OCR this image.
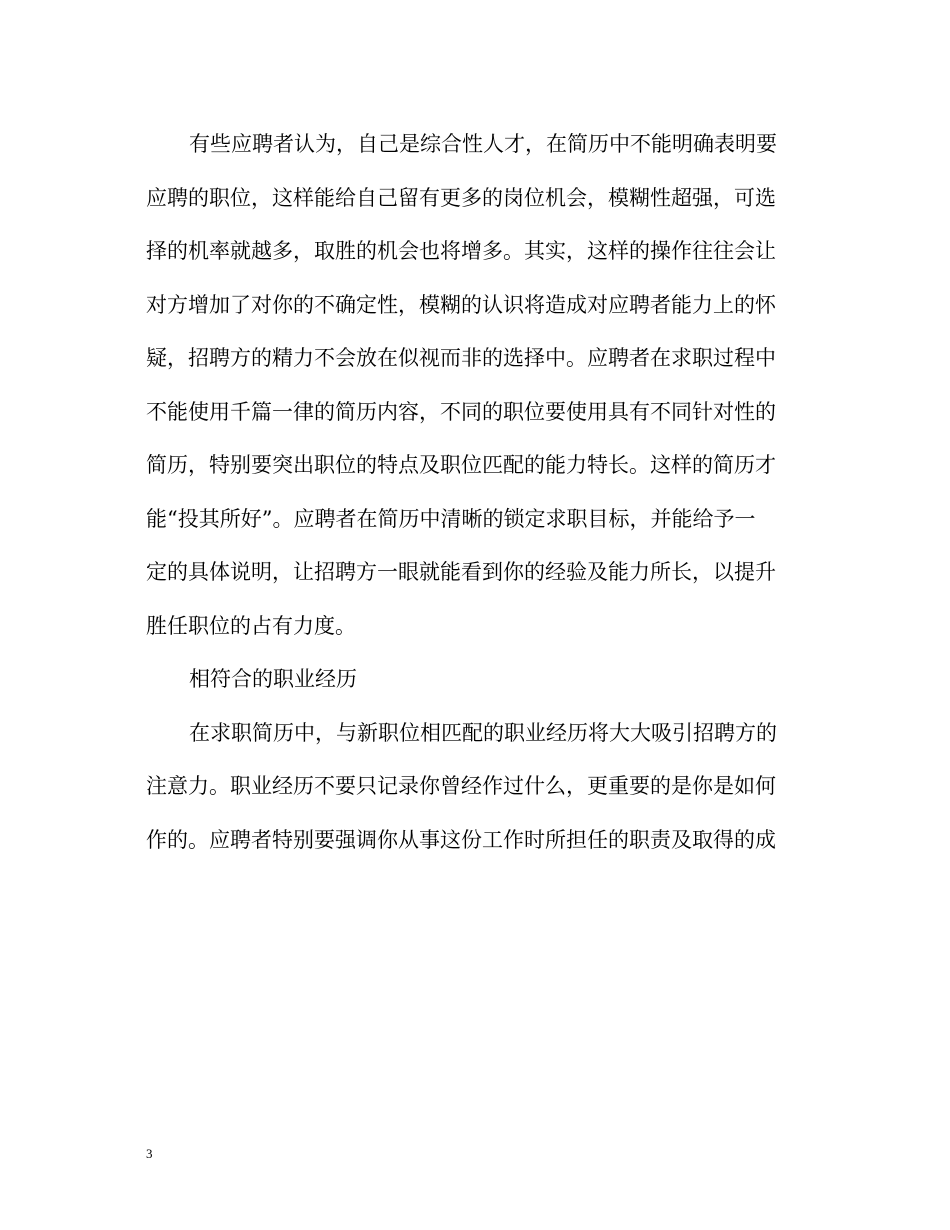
有些应聘者认为，自己是综合性人才，在简历中不能明确表明要
应聘的职位，这样能给自己留有更多的岗位机会，模糊性超强，可选
择的机率就越多，取胜的机会也将增多。其实，这样的操作往往会让
对方增加了对你的不确定性，模糊的认识将造成对应聘者能力上的怀
疑，招聘方的精力不会放在似视而非的选择中。应聘者在求职过程中
不能使用千篇一律的简历内容，不同的职位要使用具有不同针对性的
简历，特别要突出职位的特点及职位匹配的能力特长。这样的简历才
能“投其所好”。应聘者在简历中清晰的锁定求职目标，并能给予一
定的具体说明，让招聘方一眼就能看到你的经验及能力所长，以提升
胜任职位的占有力度。
相符合的职业经历
在求职简历中，与新职位相匹配的职业经历将大大吸引招聘方的
注意力。职业经历不要只记录你曾经作过什么，更重要的是你是如何
作的。应聘者特别要强调你从事这份工作时所担任的职责及取得的成
3
